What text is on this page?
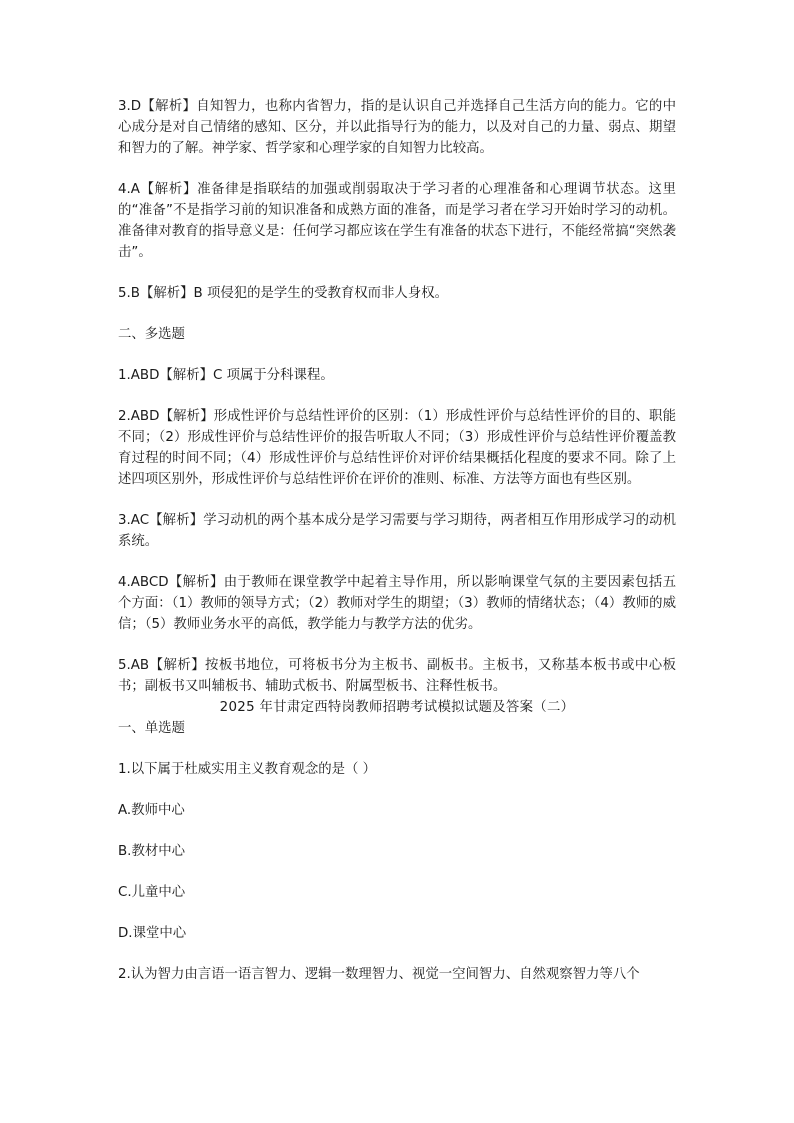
3.D【解析】自知智力，也称内省智力，指的是认识自己并选择自己生活方向的能力。它的中心成分是对自己情绪的感知、区分，并以此指导行为的能力，以及对自己的力量、弱点、期望和智力的了解。神学家、哲学家和心理学家的自知智力比较高。

4.A【解析】准备律是指联结的加强或削弱取决于学习者的心理准备和心理调节状态。这里的“准备”不是指学习前的知识准备和成熟方面的准备，而是学习者在学习开始时学习的动机。准备律对教育的指导意义是：任何学习都应该在学生有准备的状态下进行，不能经常搞“突然袭击”。

5.B【解析】B 项侵犯的是学生的受教育权而非人身权。

二、多选题

1.ABD【解析】C 项属于分科课程。

2.ABD【解析】形成性评价与总结性评价的区别：（1）形成性评价与总结性评价的目的、职能不同；（2）形成性评价与总结性评价的报告听取人不同；（3）形成性评价与总结性评价覆盖教育过程的时间不同；（4）形成性评价与总结性评价对评价结果概括化程度的要求不同。除了上述四项区别外，形成性评价与总结性评价在评价的准则、标准、方法等方面也有些区别。

3.AC【解析】学习动机的两个基本成分是学习需要与学习期待，两者相互作用形成学习的动机系统。

4.ABCD【解析】由于教师在课堂教学中起着主导作用，所以影响课堂气氛的主要因素包括五个方面：（1）教师的领导方式；（2）教师对学生的期望；（3）教师的情绪状态；（4）教师的威信；（5）教师业务水平的高低，教学能力与教学方法的优劣。

5.AB【解析】按板书地位，可将板书分为主板书、副板书。主板书，又称基本板书或中心板书；副板书又叫辅板书、辅助式板书、附属型板书、注释性板书。

2025 年甘肃定西特岗教师招聘考试模拟试题及答案（二）

一、单选题

1.以下属于杜威实用主义教育观念的是（ ）

A.教师中心

B.教材中心

C.儿童中心

D.课堂中心

2.认为智力由言语一语言智力、逻辑一数理智力、视觉一空间智力、自然观察智力等八个
